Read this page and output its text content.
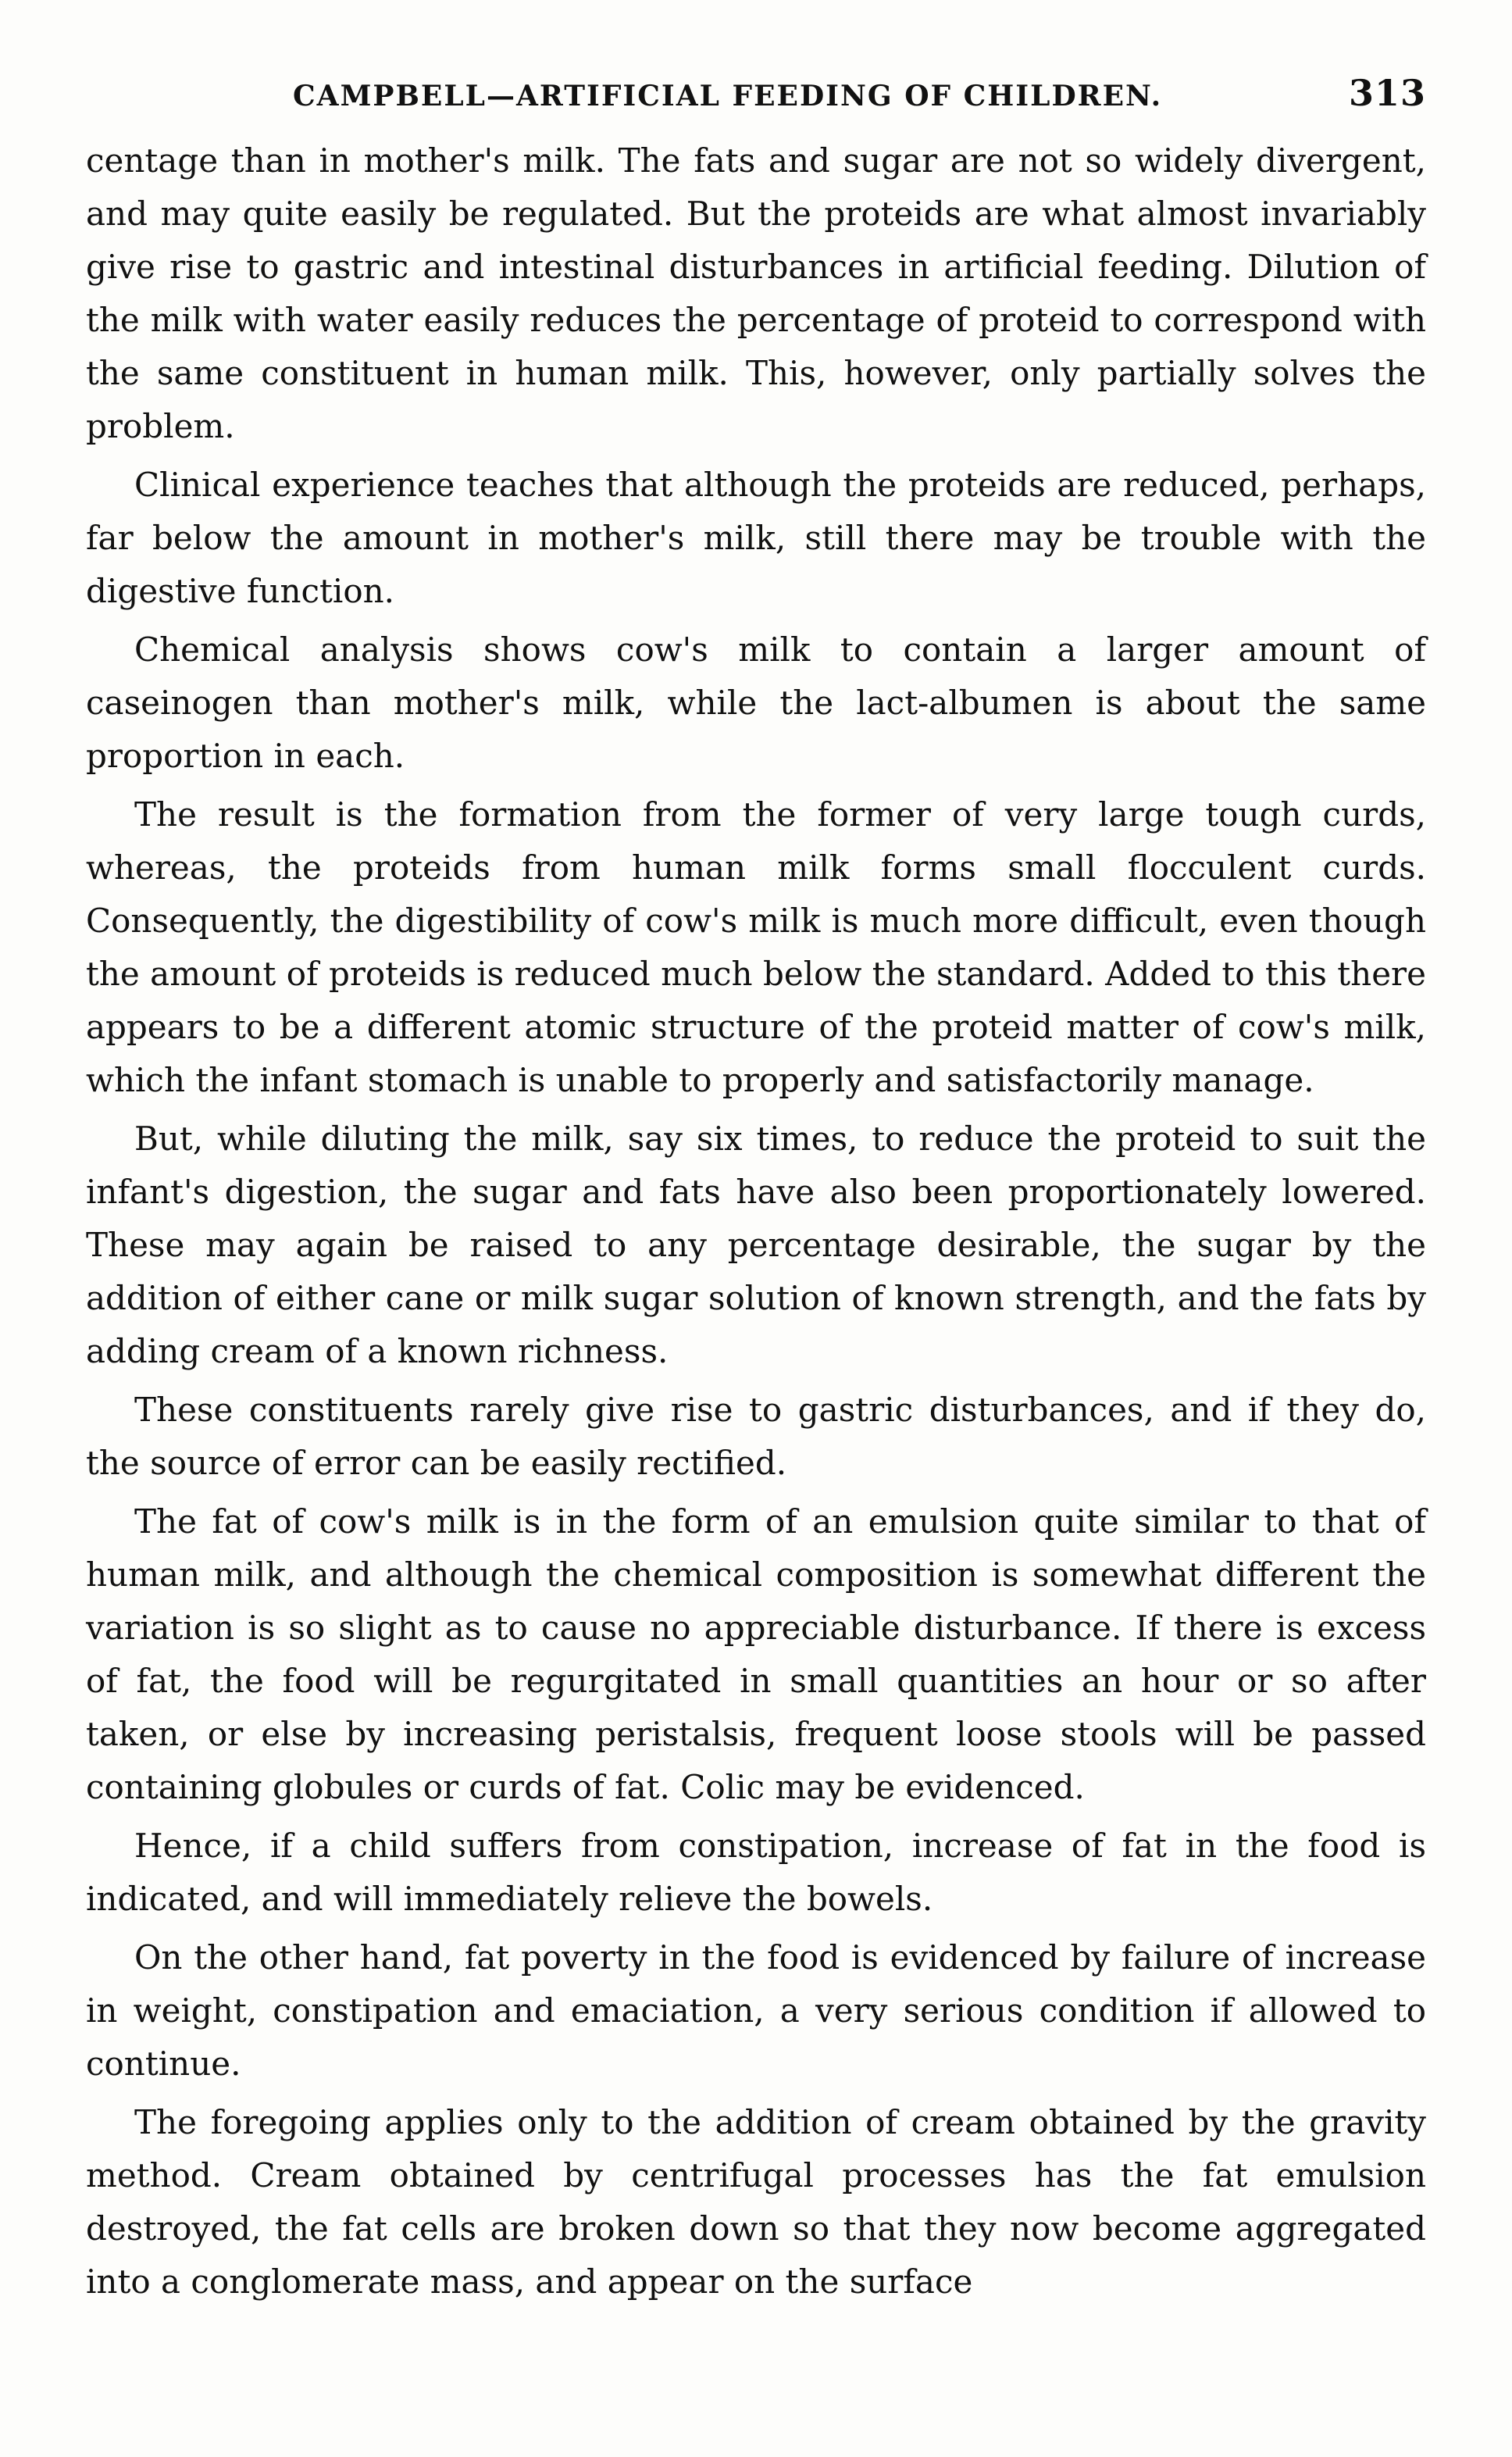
CAMPBELL—ARTIFICIAL FEEDING OF CHILDREN.	313

centage than in mother's milk. The fats and sugar are not so widely divergent, and may quite easily be regulated. But the proteids are what almost invariably give rise to gastric and intestinal disturbances in artificial feeding. Dilution of the milk with water easily reduces the percentage of proteid to correspond with the same constituent in human milk. This, however, only partially solves the problem.

Clinical experience teaches that although the proteids are reduced, perhaps, far below the amount in mother's milk, still there may be trouble with the digestive function.

Chemical analysis shows cow's milk to contain a larger amount of caseinogen than mother's milk, while the lact-albumen is about the same proportion in each.

The result is the formation from the former of very large tough curds, whereas, the proteids from human milk forms small flocculent curds. Consequently, the digestibility of cow's milk is much more difficult, even though the amount of proteids is reduced much below the standard. Added to this there appears to be a different atomic structure of the proteid matter of cow's milk, which the infant stomach is unable to properly and satisfactorily manage.

But, while diluting the milk, say six times, to reduce the proteid to suit the infant's digestion, the sugar and fats have also been proportionately lowered. These may again be raised to any percentage desirable, the sugar by the addition of either cane or milk sugar solution of known strength, and the fats by adding cream of a known richness.

These constituents rarely give rise to gastric disturbances, and if they do, the source of error can be easily rectified.

The fat of cow's milk is in the form of an emulsion quite similar to that of human milk, and although the chemical composition is somewhat different the variation is so slight as to cause no appreciable disturbance. If there is excess of fat, the food will be regurgitated in small quantities an hour or so after taken, or else by increasing peristalsis, frequent loose stools will be passed containing globules or curds of fat. Colic may be evidenced.

Hence, if a child suffers from constipation, increase of fat in the food is indicated, and will immediately relieve the bowels.

On the other hand, fat poverty in the food is evidenced by failure of increase in weight, constipation and emaciation, a very serious condition if allowed to continue.

The foregoing applies only to the addition of cream obtained by the gravity method. Cream obtained by centrifugal processes has the fat emulsion destroyed, the fat cells are broken down so that they now become aggregated into a conglomerate mass, and appear on the surface
